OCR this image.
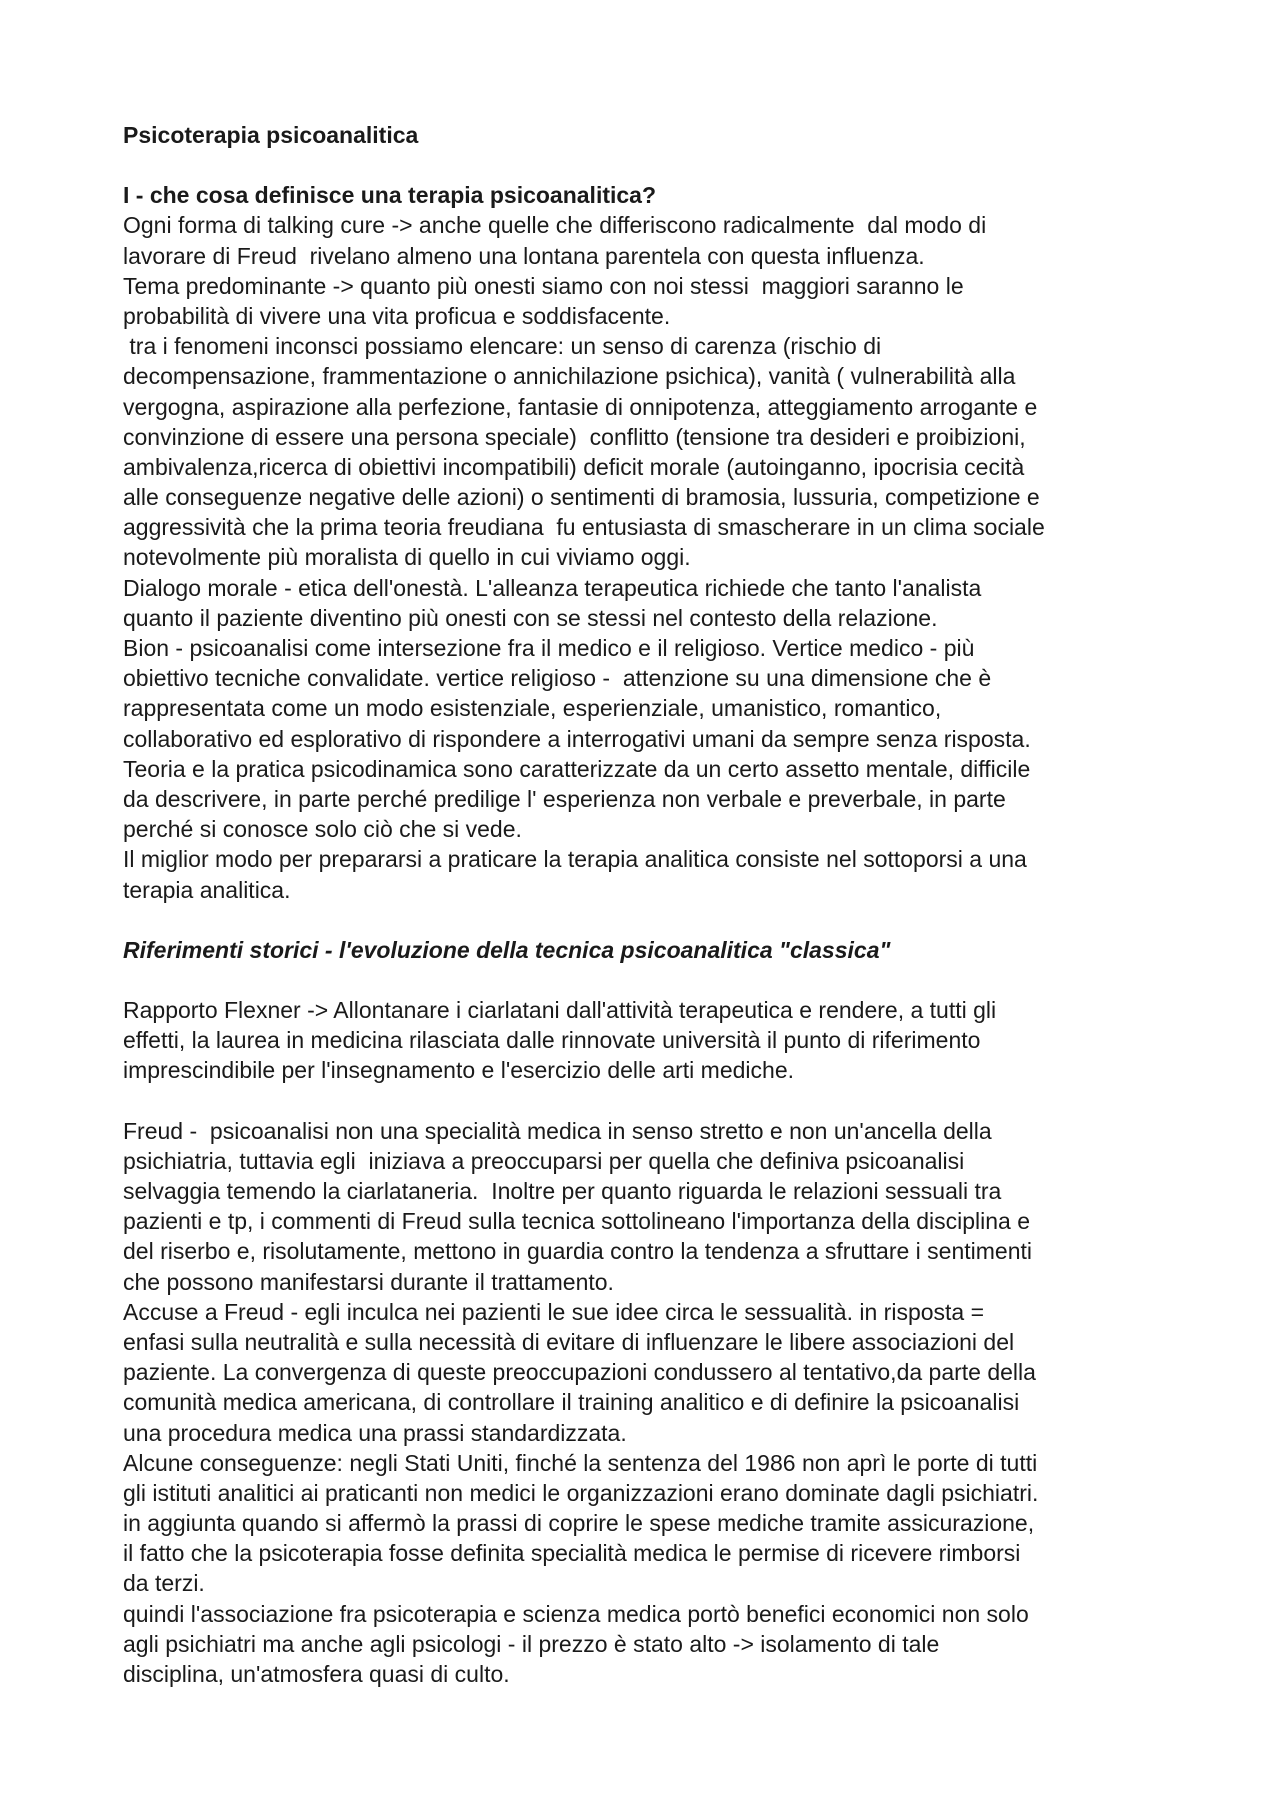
Psicoterapia psicoanalitica
I - che cosa definisce una terapia psicoanalitica?
Ogni forma di talking cure -> anche quelle che differiscono radicalmente  dal modo di
lavorare di Freud  rivelano almeno una lontana parentela con questa influenza.
Tema predominante -> quanto più onesti siamo con noi stessi  maggiori saranno le
probabilità di vivere una vita proficua e soddisfacente.
tra i fenomeni inconsci possiamo elencare: un senso di carenza (rischio di
decompensazione, frammentazione o annichilazione psichica), vanità ( vulnerabilità alla
vergogna, aspirazione alla perfezione, fantasie di onnipotenza, atteggiamento arrogante e
convinzione di essere una persona speciale)  conflitto (tensione tra desideri e proibizioni,
ambivalenza,ricerca di obiettivi incompatibili) deficit morale (autoinganno, ipocrisia cecità
alle conseguenze negative delle azioni) o sentimenti di bramosia, lussuria, competizione e
aggressività che la prima teoria freudiana  fu entusiasta di smascherare in un clima sociale
notevolmente più moralista di quello in cui viviamo oggi.
Dialogo morale - etica dell'onestà. L'alleanza terapeutica richiede che tanto l'analista
quanto il paziente diventino più onesti con se stessi nel contesto della relazione.
Bion - psicoanalisi come intersezione fra il medico e il religioso. Vertice medico - più
obiettivo tecniche convalidate. vertice religioso -  attenzione su una dimensione che è
rappresentata come un modo esistenziale, esperienziale, umanistico, romantico,
collaborativo ed esplorativo di rispondere a interrogativi umani da sempre senza risposta.
Teoria e la pratica psicodinamica sono caratterizzate da un certo assetto mentale, difficile
da descrivere, in parte perché predilige l' esperienza non verbale e preverbale, in parte
perché si conosce solo ciò che si vede.
Il miglior modo per prepararsi a praticare la terapia analitica consiste nel sottoporsi a una
terapia analitica.
Riferimenti storici - l'evoluzione della tecnica psicoanalitica "classica"
Rapporto Flexner -> Allontanare i ciarlatani dall'attività terapeutica e rendere, a tutti gli
effetti, la laurea in medicina rilasciata dalle rinnovate università il punto di riferimento
imprescindibile per l'insegnamento e l'esercizio delle arti mediche.
Freud -  psicoanalisi non una specialità medica in senso stretto e non un'ancella della
psichiatria, tuttavia egli  iniziava a preoccuparsi per quella che definiva psicoanalisi
selvaggia temendo la ciarlataneria.  Inoltre per quanto riguarda le relazioni sessuali tra
pazienti e tp, i commenti di Freud sulla tecnica sottolineano l'importanza della disciplina e
del riserbo e, risolutamente, mettono in guardia contro la tendenza a sfruttare i sentimenti
che possono manifestarsi durante il trattamento.
Accuse a Freud - egli inculca nei pazienti le sue idee circa le sessualità. in risposta =
enfasi sulla neutralità e sulla necessità di evitare di influenzare le libere associazioni del
paziente. La convergenza di queste preoccupazioni condussero al tentativo,da parte della
comunità medica americana, di controllare il training analitico e di definire la psicoanalisi
una procedura medica una prassi standardizzata.
Alcune conseguenze: negli Stati Uniti, finché la sentenza del 1986 non aprì le porte di tutti
gli istituti analitici ai praticanti non medici le organizzazioni erano dominate dagli psichiatri.
in aggiunta quando si affermò la prassi di coprire le spese mediche tramite assicurazione,
il fatto che la psicoterapia fosse definita specialità medica le permise di ricevere rimborsi
da terzi.
quindi l'associazione fra psicoterapia e scienza medica portò benefici economici non solo
agli psichiatri ma anche agli psicologi - il prezzo è stato alto -> isolamento di tale
disciplina, un'atmosfera quasi di culto.
